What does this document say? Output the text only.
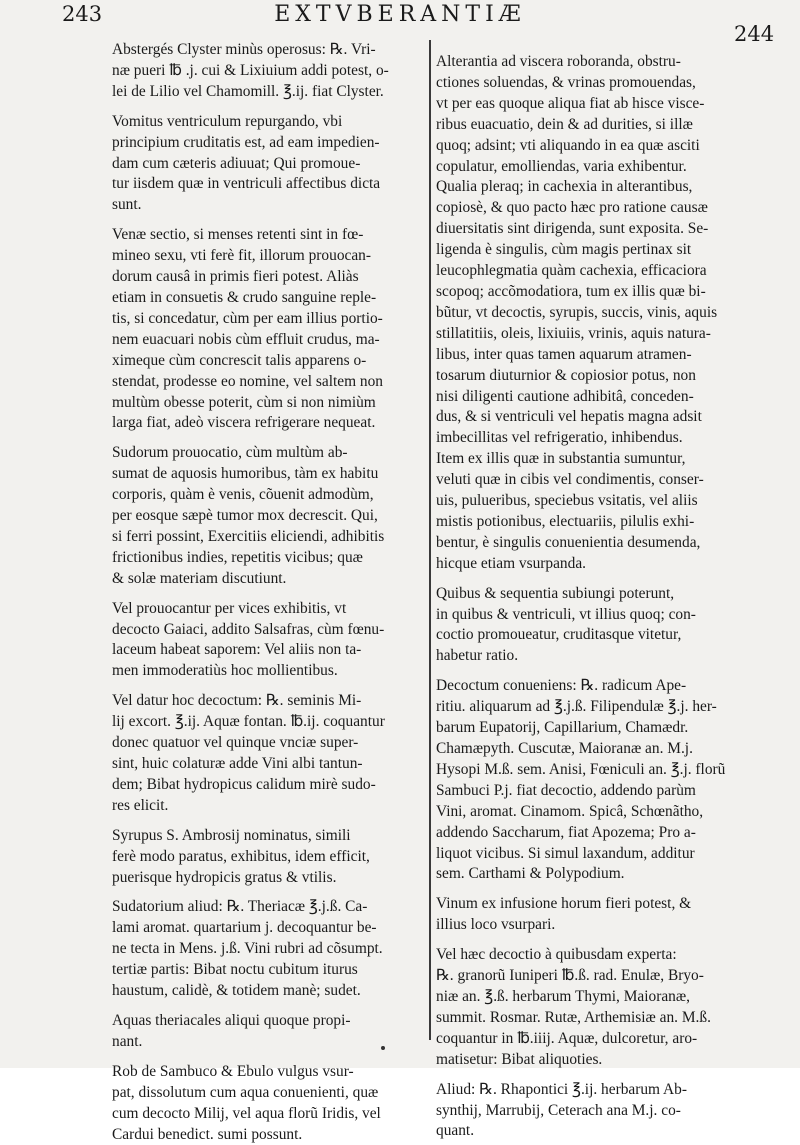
243	EXTVBERANTIÆ
244

Abstergés Clyster minùs operosus: ℞. Vri-
næ pueri ℔ .j. cui & Lixiuium addi potest, o-
lei de Lilio vel Chamomill. ℥.ij. fiat Clyster.

Vomitus ventriculum repurgando, vbi
principium cruditatis est, ad eam impedien-
dam cum cæteris adiuuat; Qui promoue-
tur iisdem quæ in ventriculi affectibus dicta
sunt.

Venæ sectio, si menses retenti sint in fœ-
mineo sexu, vti ferè fit, illorum prouocan-
dorum causâ in primis fieri potest. Aliàs
etiam in consuetis & crudo sanguine replе-
tis, si concedatur, cùm per eam illius portio-
nem euacuari nobis cùm effluit crudus, ma-
ximeque cùm concrescit talis apparens o-
stendat, prodesse eo nomine, vel saltem non
multùm obesse poterit, cùm si non nimiùm
larga fiat, adeò viscera refrigerare nequeat.

Sudorum prouocatio, cùm multùm ab-
sumat de aquosis humoribus, tàm ex habitu
corporis, quàm è venis, cõuenit admodùm,
per eosque sæpè tumor mox decrescit. Qui,
si ferri possint, Exercitiis eliciendi, adhibitis
frictionibus indies, repetitis vicibus; quæ
& solæ materiam discutiunt.

Vel prouocantur per vices exhibitis, vt
decocto Gaiaci, addito Salsafras, cùm fœnu-
laceum habeat saporem: Vel aliis non ta-
men immoderatiùs hoc mollientibus.

Vel datur hoc decoctum: ℞. seminis Mi-
lij excort. ℥.ij. Aquæ fontan. ℔.ij. coquantur
donec quatuor vel quinque vnciæ super-
sint, huic colaturæ adde Vini albi tantun-
dem; Bibat hydropicus calidum mirè sudo-
res elicit.

Syrupus S. Ambrosij nominatus, simili
ferè modo paratus, exhibitus, idem efficit,
puerisque hydropicis gratus & vtilis.

Sudatorium aliud: ℞. Theriacæ ℥.j.ß. Ca-
lami aromat. quartarium j. decoquantur be-
ne tecta in Mens. j.ß. Vini rubri ad cõsumpt.
tertiæ partis: Bibat noctu cubitum iturus
haustum, calidè, & totidem manè; sudet.

Aquas theriacales aliqui quoque propi-
nant.

Rob de Sambuco & Ebulo vulgus vsur-
pat, dissolutum cum aqua conuenienti, quæ
cum decocto Milij, vel aqua florũ Iridis, vel
Cardui benedict. sumi possunt.

Alterantia ad viscera roboranda, obstru-
ctiones soluendas, & vrinas promouendas,
vt per eas quoque aliqua fiat ab hisce visce-
ribus euacuatio, dein & ad durities, si illæ
quoq; adsint; vti aliquando in ea quæ asciti
copulatur, emolliendas, varia exhibentur.
Qualia pleraq; in cachexia in alterantibus,
copiosè, & quo pacto hæc pro ratione causæ
diuersitatis sint dirigenda, sunt exposita. Se-
ligenda è singulis, cùm magis pertinax sit
leucophlegmatia quàm cachexia, efficaciora
scopoq; accõmodatiora, tum ex illis quæ bi-
bũtur, vt decoctis, syrupis, succis, vinis, aquis
stillatitiis, oleis, lixiuiis, vrinis, aquis natura-
libus, inter quas tamen aquarum atramen-
tosarum diuturnior & copiosior potus, non
nisi diligenti cautione adhibitâ, conceden-
dus, & si ventriculi vel hepatis magna adsit
imbecillitas vel refrigeratio, inhibendus.
Item ex illis quæ in substantia sumuntur,
veluti quæ in cibis vel condimentis, conser-
uis, pulueribus, speciebus vsitatis, vel aliis
mistis potionibus, electuariis, pilulis exhi-
bentur, è singulis conuenientia desumenda,
hicque etiam vsurpanda.

Quibus & sequentia subiungi poterunt,
in quibus & ventriculi, vt illius quoq; con-
coctio promoueatur, cruditasque vitetur,
habetur ratio.

Decoctum conueniens: ℞. radicum Ape-
ritiu. aliquarum ad ℥.j.ß. Filipendulæ ℥.j. her-
barum Eupatorij, Capillarium, Chamædr.
Chamæpyth. Cuscutæ, Maioranæ an. M.j.
Hysopi M.ß. sem. Anisi, Fœniculi an. ℥.j. florũ
Sambuci P.j. fiat decoctio, addendo parùm
Vini, aromat. Cinamom. Spicâ, Schœnãtho,
addendo Saccharum, fiat Apozema; Pro a-
liquot vicibus. Si simul laxandum, additur
sem. Carthami & Polypodium.

Vinum ex infusione horum fieri potest, &
illius loco vsurpari.

Vel hæc decoctio à quibusdam experta:
℞. granorũ Iuniperi ℔.ß. rad. Enulæ, Bryo-
niæ an. ℥.ß. herbarum Thymi, Maioranæ,
summit. Rosmar. Rutæ, Arthemisiæ an. M.ß.
coquantur in ℔.iiij. Aquæ, dulcoretur, aro-
matisetur: Bibat aliquoties.

Aliud: ℞. Rhapontici ℥.ij. herbarum Ab-
synthij, Marrubij, Ceterach ana M.j. co-
quant.
